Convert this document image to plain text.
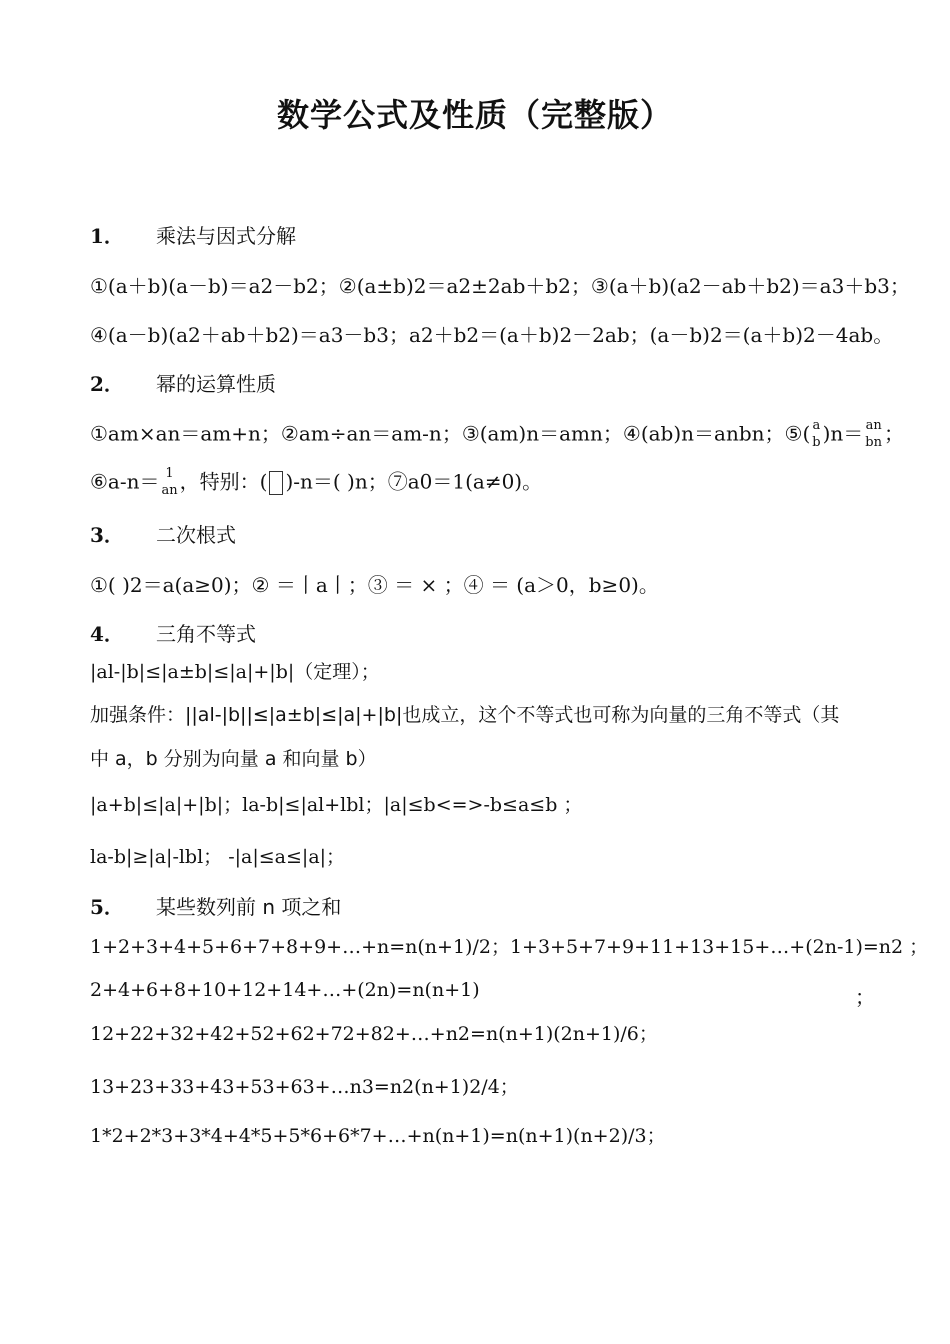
数学公式及性质（完整版）
1． 乘法与因式分解
①(a＋b)(a－b)＝a2－b2；②(a±b)2＝a2±2ab＋b2；③(a＋b)(a2－ab＋b2)＝a3＋b3；
④(a－b)(a2＋ab＋b2)＝a3－b3；a2＋b2＝(a＋b)2－2ab；(a－b)2＝(a＋b)2－4ab。
2． 幂的运算性质
①am×an＝am+n；②am÷an＝am-n；③(am)n＝amn；④(ab)n＝anbn；⑤( a
b )n＝ an
bn ；
⑥a-n＝ 1
an ，特别：( )-n＝( )n；⑦a0＝1(a≠0)。
3． 二次根式
①( )2＝a(a≥0)；② ＝丨a丨；③ ＝ × ；④ ＝ (a＞0，b≥0)。
4． 三角不等式
|al-|b|≤|a±b|≤|a|+|b|（定理）；
加强条件：||al-|b||≤|a±b|≤|a|+|b|也成立，这个不等式也可称为向量的三角不等式（其
中 a，b 分别为向量 a 和向量 b）
|a+b|≤|a|+|b|；la-b|≤|al+lbl；|a|≤b<=>-b≤a≤b ；
la-b|≥|a|-lbl； -|a|≤a≤|a|；
5． 某些数列前 n 项之和
1+2+3+4+5+6+7+8+9+…+n=n(n+1)/2；1+3+5+7+9+11+13+15+…+(2n-1)=n2 ；
2+4+6+8+10+12+14+…+(2n)=n(n+1)	；
12+22+32+42+52+62+72+82+…+n2=n(n+1)(2n+1)/6；
13+23+33+43+53+63+…n3=n2(n+1)2/4；
1*2+2*3+3*4+4*5+5*6+6*7+…+n(n+1)=n(n+1)(n+2)/3；
